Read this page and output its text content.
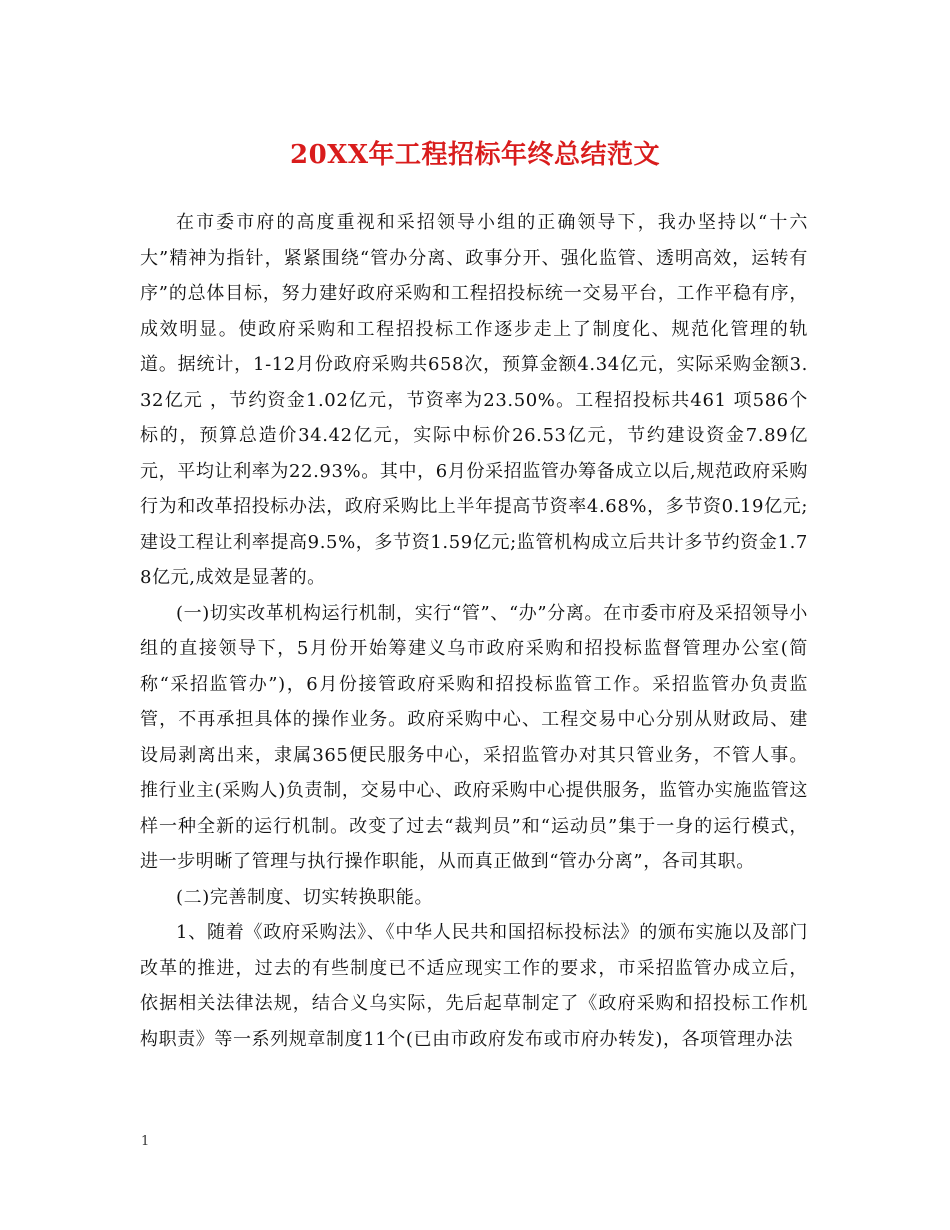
20XX年工程招标年终总结范文

在市委市府的高度重视和采招领导小组的正确领导下，我办坚持以“十六大”精神为指针，紧紧围绕“管办分离、政事分开、强化监管、透明高效，运转有序”的总体目标，努力建好政府采购和工程招投标统一交易平台，工作平稳有序，成效明显。使政府采购和工程招投标工作逐步走上了制度化、规范化管理的轨道。据统计，1-12月份政府采购共658次，预算金额4.34亿元，实际采购金额3.32亿元 ，节约资金1.02亿元，节资率为23.50%。工程招投标共461 项586个标的，预算总造价34.42亿元，实际中标价26.53亿元，节约建设资金7.89亿元，平均让利率为22.93%。其中，6月份采招监管办筹备成立以后,规范政府采购行为和改革招投标办法，政府采购比上半年提高节资率4.68%，多节资0.19亿元;建设工程让利率提高9.5%，多节资1.59亿元;监管机构成立后共计多节约资金1.78亿元,成效是显著的。

(一)切实改革机构运行机制，实行“管”、“办”分离。在市委市府及采招领导小组的直接领导下，5月份开始筹建义乌市政府采购和招投标监督管理办公室(简称“采招监管办”)，6月份接管政府采购和招投标监管工作。采招监管办负责监管，不再承担具体的操作业务。政府采购中心、工程交易中心分别从财政局、建设局剥离出来，隶属365便民服务中心，采招监管办对其只管业务，不管人事。推行业主(采购人)负责制，交易中心、政府采购中心提供服务，监管办实施监管这样一种全新的运行机制。改变了过去“裁判员”和“运动员”集于一身的运行模式，进一步明晰了管理与执行操作职能，从而真正做到“管办分离”，各司其职。

(二)完善制度、切实转换职能。

1、随着《政府采购法》、《中华人民共和国招标投标法》的颁布实施以及部门改革的推进，过去的有些制度已不适应现实工作的要求，市采招监管办成立后，依据相关法律法规，结合义乌实际，先后起草制定了《政府采购和招投标工作机构职责》等一系列规章制度11个(已由市政府发布或市府办转发)，各项管理办法

1
